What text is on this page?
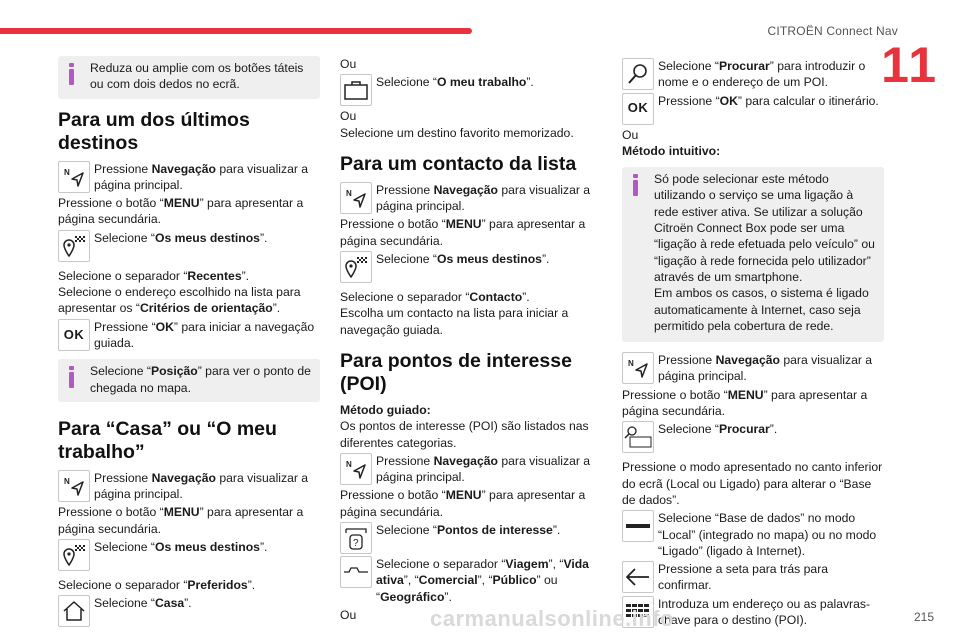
CITROËN Connect Nav
11

Reduza ou amplie com os botões táteis ou com dois dedos no ecrã.

Para um dos últimos destinos
N Pressione Navegação para visualizar a página principal.

Pressione o botão “MENU” para apresentar a página secundária.

Selecione “Os meus destinos”.

Selecione o separador “Recentes”.

Selecione o endereço escolhido na lista para apresentar os “Critérios de orientação”.

OK Pressione “OK” para iniciar a navegação guiada.

Selecione “Posição” para ver o ponto de chegada no mapa.

Para “Casa” ou “O meu trabalho”
N Pressione Navegação para visualizar a página principal.

Pressione o botão “MENU” para apresentar a página secundária.

Selecione “Os meus destinos”.

Selecione o separador “Preferidos”.

Selecione “Casa”.

Ou

Selecione “O meu trabalho”.

Ou

Selecione um destino favorito memorizado.

Para um contacto da lista
N Pressione Navegação para visualizar a página principal.

Pressione o botão “MENU” para apresentar a página secundária.

Selecione “Os meus destinos”.

Selecione o separador “Contacto”.

Escolha um contacto na lista para iniciar a navegação guiada.

Para pontos de interesse (POI)

Método guiado:

Os pontos de interesse (POI) são listados nas diferentes categorias.

N Pressione Navegação para visualizar a página principal.

Pressione o botão “MENU” para apresentar a página secundária.

?

Selecione “Pontos de interesse”.

Selecione o separador “Viagem”, “Vida ativa”, “Comercial”, “Público” ou “Geográfico”.

Ou

Selecione “Procurar” para introduzir o nome e o endereço de um POI.

OK Pressione “OK” para calcular o itinerário.

Ou

Método intuitivo:

Só pode selecionar este método utilizando o serviço se uma ligação à rede estiver ativa. Se utilizar a solução Citroën Connect Box pode ser uma “ligação à rede efetuada pelo veículo” ou “ligação à rede fornecida pelo utilizador” através de um smartphone.

Em ambos os casos, o sistema é ligado automaticamente à Internet, caso seja permitido pela cobertura de rede.

N Pressione Navegação para visualizar a página principal.

Pressione o botão “MENU” para apresentar a página secundária.

Selecione “Procurar”.

Pressione o modo apresentado no canto inferior do ecrã (Local ou Ligado) para alterar o “Base de dados”.

Selecione “Base de dados” no modo “Local” (integrado no mapa) ou no modo “Ligado” (ligado à Internet).

Pressione a seta para trás para confirmar.

Introduza um endereço ou as palavras-chave para o destino (POI).

carmanualsonline.info	215
